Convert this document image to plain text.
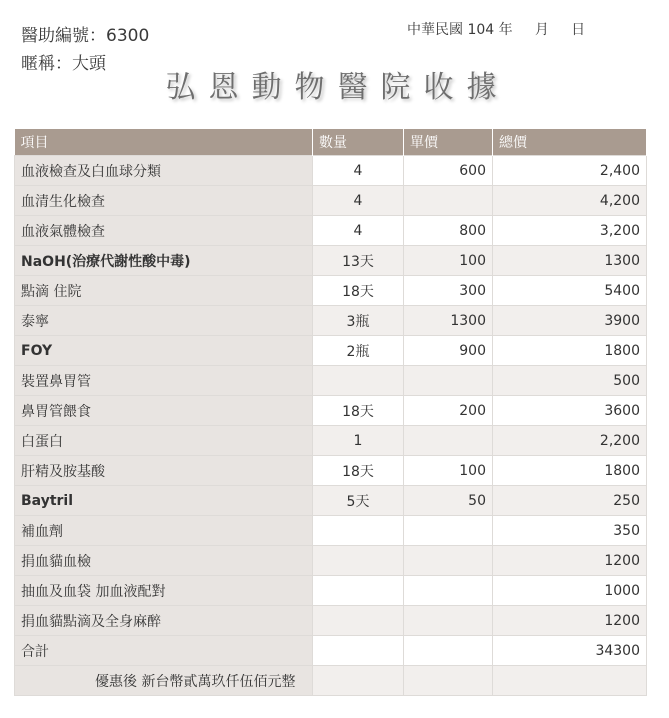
醫助編號：6300
暱稱：大頭
中華民國 104 年     月     日
弘恩動物醫院收據
項目	數量	單價	總價
血液檢查及白血球分類	4	600	2,400
血清生化檢查	4		4,200
血液氣體檢查	4	800	3,200
NaOH(治療代謝性酸中毒)	13天	100	1300
點滴 住院	18天	300	5400
泰寧	3瓶	1300	3900
FOY	2瓶	900	1800
裝置鼻胃管			500
鼻胃管餵食	18天	200	3600
白蛋白	1		2,200
肝精及胺基酸	18天	100	1800
Baytril	5天	50	250
補血劑			350
捐血貓血檢			1200
抽血及血袋 加血液配對			1000
捐血貓點滴及全身麻醉			1200
合計			34300
優惠後 新台幣貳萬玖仟伍佰元整			
